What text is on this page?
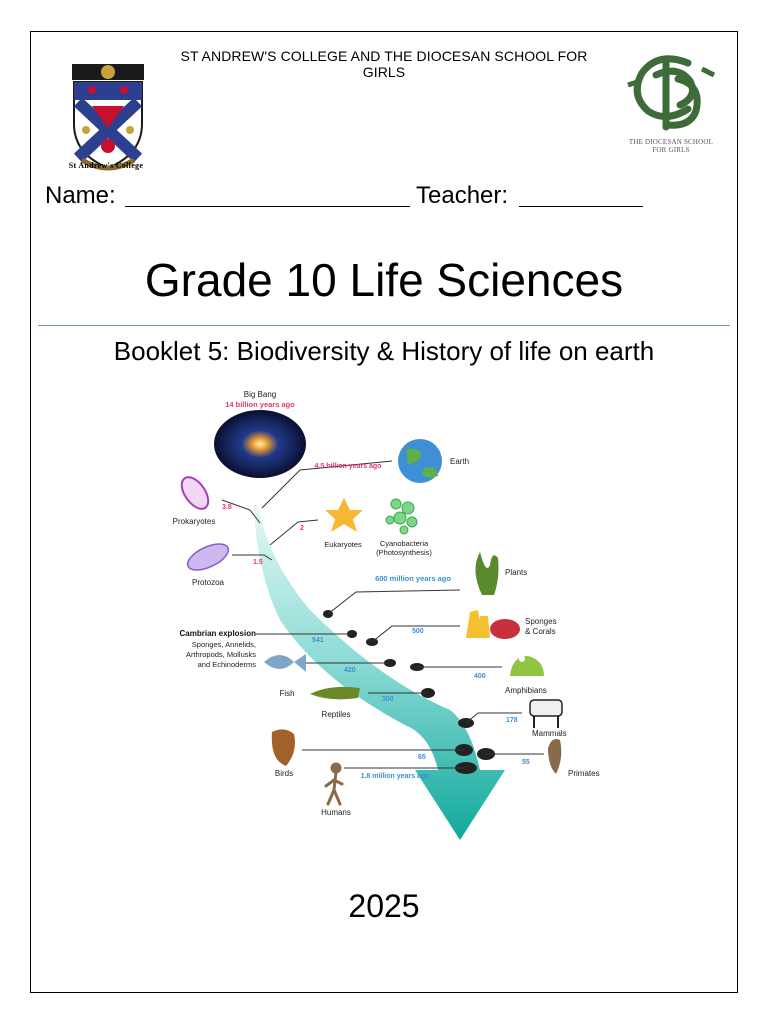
ST ANDREW'S COLLEGE AND THE DIOCESAN SCHOOL FOR
GIRLS
St Andrew's College
THE DIOCESAN SCHOOL
FOR GIRLS
Name:	Teacher:
Grade 10 Life Sciences
Booklet 5: Biodiversity & History of life on earth
Big Bang
14 billion years ago
4.5 billion years ago
Earth
3.8
Prokaryotes
2
Eukaryotes Cyanobacteria
(Photosynthesis)
1.5
Protozoa	600 million years ago
Plants
541
Cambrian explosion
Sponges, Annelids,
Arthropods, Mollusks
and Echinoderms
500
Sponges
& Corals
420
Fish
400
Amphibians
300
Reptiles
178
Mammals
65
Birds
55
Primates
1.8 million years ago
Humans
2025
